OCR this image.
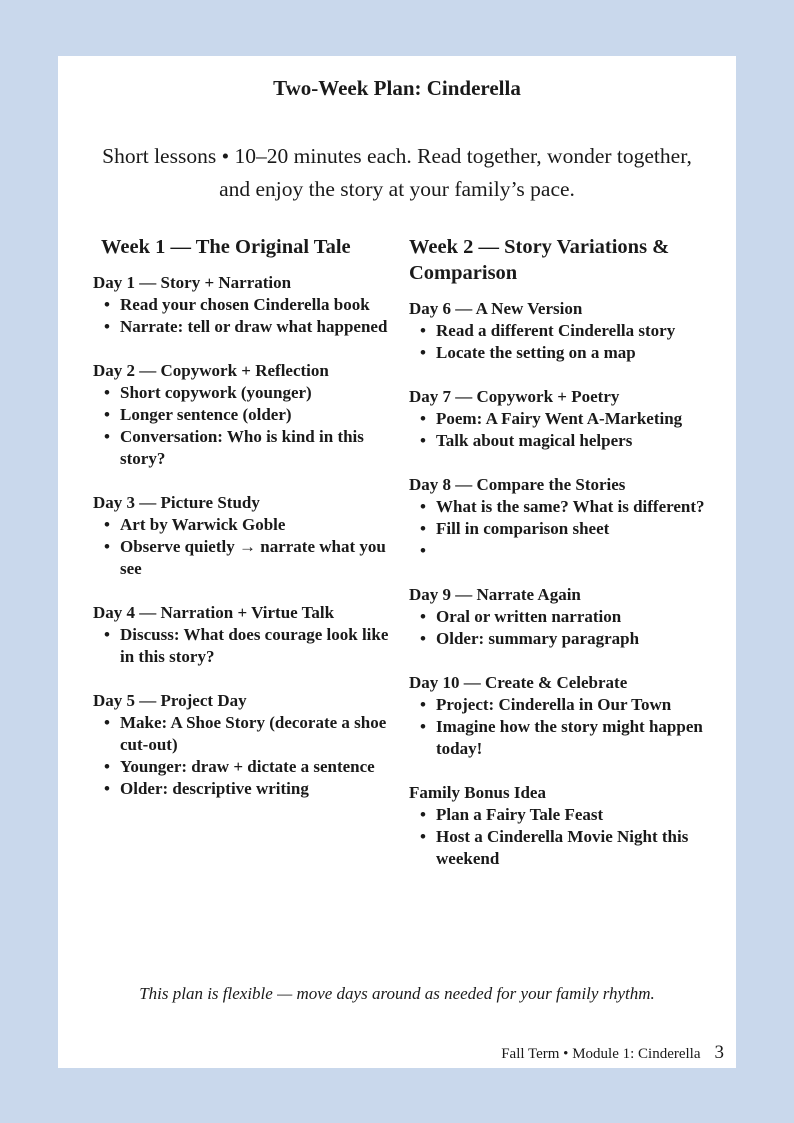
Two-Week Plan: Cinderella
Short lessons • 10–20 minutes each. Read together, wonder together, and enjoy the story at your family’s pace.
Week 1 — The Original Tale
Day 1 — Story + Narration
• Read your chosen Cinderella book
• Narrate: tell or draw what happened
Day 2 — Copywork + Reflection
• Short copywork (younger)
• Longer sentence (older)
• Conversation: Who is kind in this story?
Day 3 — Picture Study
• Art by Warwick Goble
• Observe quietly → narrate what you see
Day 4 — Narration + Virtue Talk
• Discuss: What does courage look like in this story?
Day 5 — Project Day
• Make: A Shoe Story (decorate a shoe cut-out)
• Younger: draw + dictate a sentence
• Older: descriptive writing
Week 2 — Story Variations & Comparison
Day 6 — A New Version
• Read a different Cinderella story
• Locate the setting on a map
Day 7 — Copywork + Poetry
• Poem: A Fairy Went A-Marketing
• Talk about magical helpers
Day 8 — Compare the Stories
• What is the same? What is different?
• Fill in comparison sheet
•
Day 9 — Narrate Again
• Oral or written narration
• Older: summary paragraph
Day 10 — Create & Celebrate
• Project: Cinderella in Our Town
• Imagine how the story might happen today!
Family Bonus Idea
• Plan a Fairy Tale Feast
• Host a Cinderella Movie Night this weekend
This plan is flexible — move days around as needed for your family rhythm.
Fall Term • Module 1: Cinderella 3
